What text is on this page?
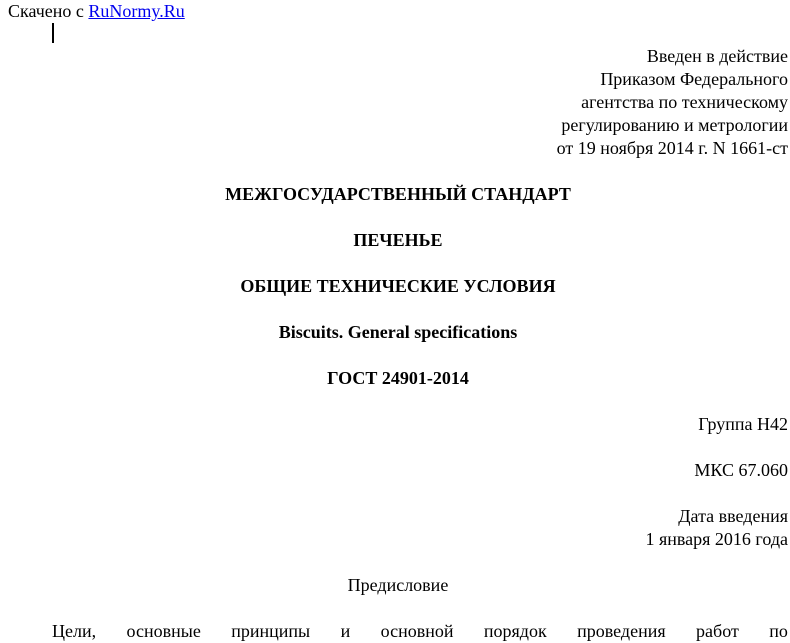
Скачено с RuNormy.Ru
Введен в действие
Приказом Федерального
агентства по техническому
регулированию и метрологии
от 19 ноября 2014 г. N 1661-ст
МЕЖГОСУДАРСТВЕННЫЙ СТАНДАРТ
ПЕЧЕНЬЕ
ОБЩИЕ ТЕХНИЧЕСКИЕ УСЛОВИЯ
Biscuits. General specifications
ГОСТ 24901-2014
Группа Н42
МКС 67.060
Дата введения
1 января 2016 года
Предисловие
Цели, основные принципы и основной порядок проведения работ по
